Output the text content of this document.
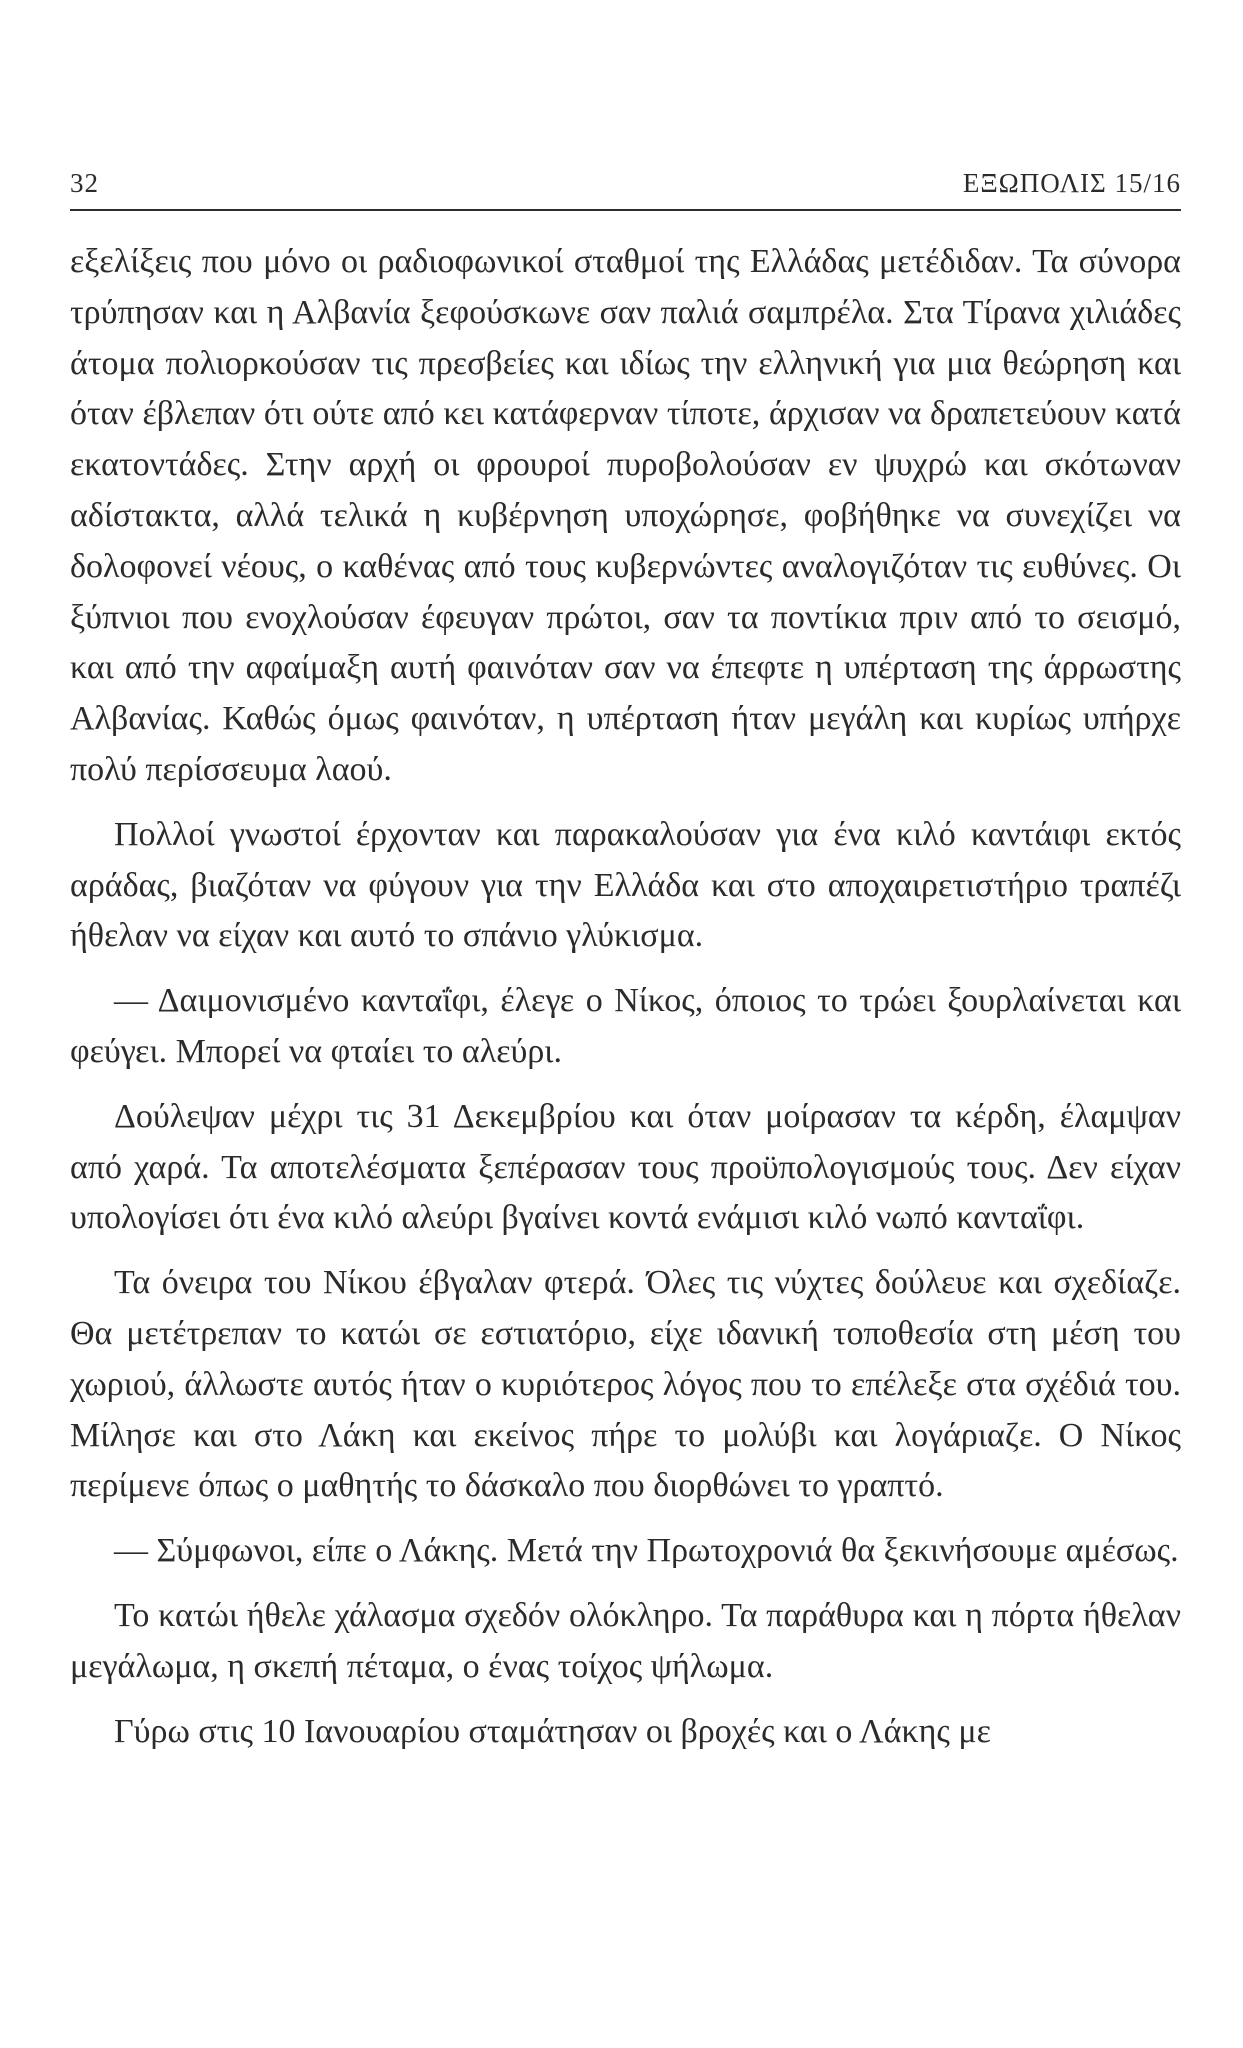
32	ΕΞΩΠΟΛΙΣ 15/16

εξελίξεις που μόνο οι ραδιοφωνικοί σταθμοί της Ελλάδας μετέδιδαν. Τα σύνορα τρύπησαν και η Αλβανία ξεφούσκωνε σαν παλιά σαμπρέλα. Στα Τίρανα χιλιάδες άτομα πολιορκούσαν τις πρεσβείες και ιδίως την ελληνική για μια θεώρηση και όταν έβλεπαν ότι ούτε από κει κατάφερναν τίποτε, άρχισαν να δραπετεύουν κατά εκατοντάδες. Στην αρχή οι φρουροί πυροβολούσαν εν ψυχρώ και σκότωναν αδίστακτα, αλλά τελικά η κυβέρνηση υποχώρησε, φοβήθηκε να συνεχίζει να δολοφονεί νέους, ο καθένας από τους κυβερνώντες αναλογιζόταν τις ευθύνες. Οι ξύπνιοι που ενοχλούσαν έφευγαν πρώτοι, σαν τα ποντίκια πριν από το σεισμό, και από την αφαίμαξη αυτή φαινόταν σαν να έπεφτε η υπέρταση της άρρωστης Αλβανίας. Καθώς όμως φαινόταν, η υπέρταση ήταν μεγάλη και κυρίως υπήρχε πολύ περίσσευμα λαού.

Πολλοί γνωστοί έρχονταν και παρακαλούσαν για ένα κιλό καντάιφι εκτός αράδας, βιαζόταν να φύγουν για την Ελλάδα και στο αποχαιρετιστήριο τραπέζι ήθελαν να είχαν και αυτό το σπάνιο γλύκισμα.

— Δαιμονισμένο κανταΐφι, έλεγε ο Νίκος, όποιος το τρώει ξουρλαίνεται και φεύγει. Μπορεί να φταίει το αλεύρι.

Δούλεψαν μέχρι τις 31 Δεκεμβρίου και όταν μοίρασαν τα κέρδη, έλαμψαν από χαρά. Τα αποτελέσματα ξεπέρασαν τους προϋπολογισμούς τους. Δεν είχαν υπολογίσει ότι ένα κιλό αλεύρι βγαίνει κοντά ενάμισι κιλό νωπό κανταΐφι.

Τα όνειρα του Νίκου έβγαλαν φτερά. Όλες τις νύχτες δούλευε και σχεδίαζε. Θα μετέτρεπαν το κατώι σε εστιατόριο, είχε ιδανική τοποθεσία στη μέση του χωριού, άλλωστε αυτός ήταν ο κυριότερος λόγος που το επέλεξε στα σχέδιά του. Μίλησε και στο Λάκη και εκείνος πήρε το μολύβι και λογάριαζε. Ο Νίκος περίμενε όπως ο μαθητής το δάσκαλο που διορθώνει το γραπτό.

— Σύμφωνοι, είπε ο Λάκης. Μετά την Πρωτοχρονιά θα ξεκινήσουμε αμέσως.

Το κατώι ήθελε χάλασμα σχεδόν ολόκληρο. Τα παράθυρα και η πόρτα ήθελαν μεγάλωμα, η σκεπή πέταμα, ο ένας τοίχος ψήλωμα.

Γύρω στις 10 Ιανουαρίου σταμάτησαν οι βροχές και ο Λάκης με
